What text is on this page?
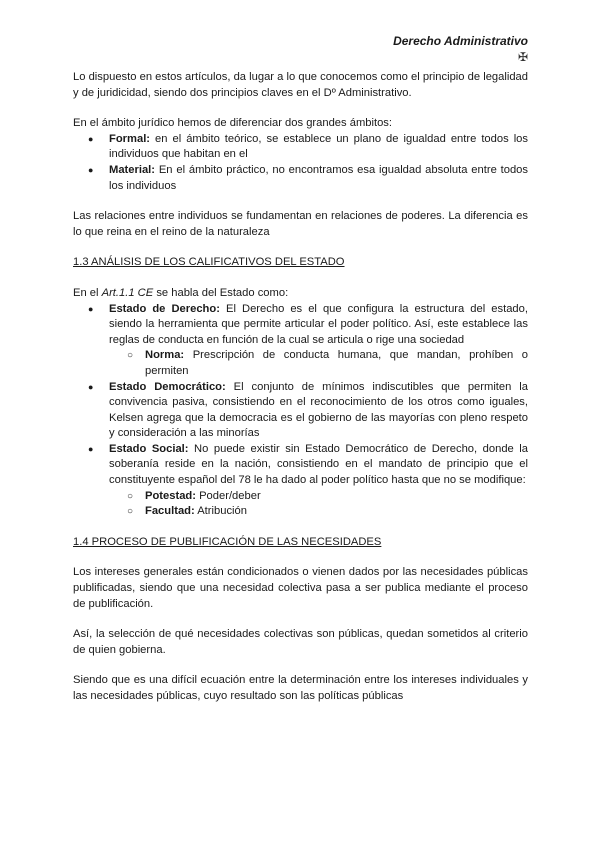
Derecho Administrativo
✠

Lo dispuesto en estos artículos, da lugar a lo que conocemos como el principio de legalidad y de juridicidad, siendo dos principios claves en el Dº Administrativo.

En el ámbito jurídico hemos de diferenciar dos grandes ámbitos:

● Formal: en el ámbito teórico, se establece un plano de igualdad entre todos los individuos que habitan en el
● Material: En el ámbito práctico, no encontramos esa igualdad absoluta entre todos los individuos

Las relaciones entre individuos se fundamentan en relaciones de poderes. La diferencia es lo que reina en el reino de la naturaleza

1.3 ANÁLISIS DE LOS CALIFICATIVOS DEL ESTADO

En el Art.1.1 CE se habla del Estado como:

● Estado de Derecho: El Derecho es el que configura la estructura del estado, siendo la herramienta que permite articular el poder político. Así, este establece las reglas de conducta en función de la cual se articula o rige una sociedad
○ Norma: Prescripción de conducta humana, que mandan, prohíben o permiten
● Estado Democrático: El conjunto de mínimos indiscutibles que permiten la convivencia pasiva, consistiendo en el reconocimiento de los otros como iguales, Kelsen agrega que la democracia es el gobierno de las mayorías con pleno respeto y consideración a las minorías
● Estado Social: No puede existir sin Estado Democrático de Derecho, donde la soberanía reside en la nación, consistiendo en el mandato de principio que el constituyente español del 78 le ha dado al poder político hasta que no se modifique:
○ Potestad: Poder/deber
○ Facultad: Atribución
1.4 PROCESO DE PUBLIFICACIÓN DE LAS NECESIDADES

Los intereses generales están condicionados o vienen dados por las necesidades públicas publificadas, siendo que una necesidad colectiva pasa a ser publica mediante el proceso de publificación.

Así, la selección de qué necesidades colectivas son públicas, quedan sometidos al criterio de quien gobierna.

Siendo que es una difícil ecuación entre la determinación entre los intereses individuales y las necesidades públicas, cuyo resultado son las políticas públicas
